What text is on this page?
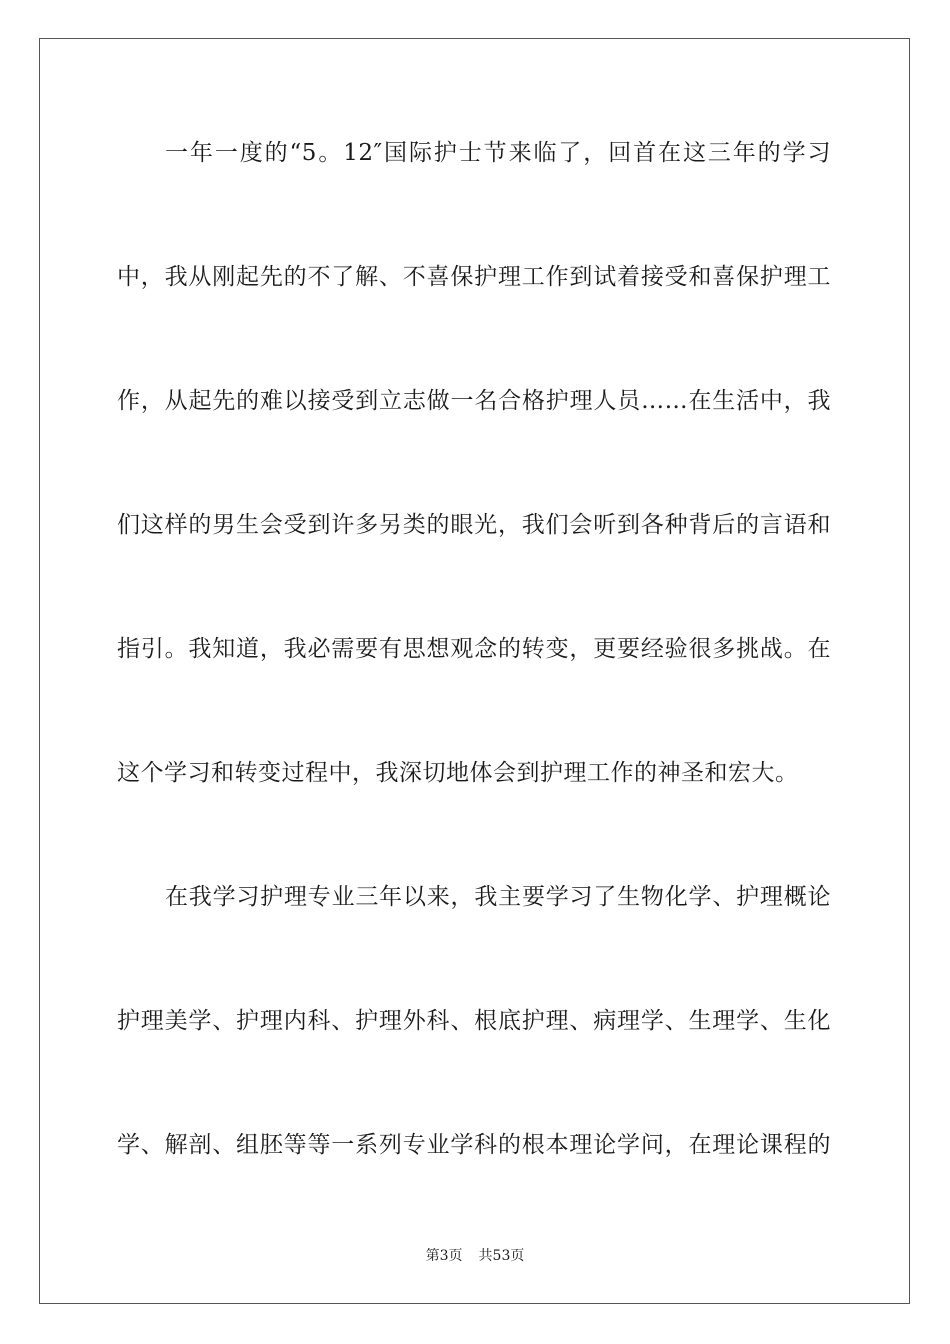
一年一度的“5。12″国际护士节来临了，回首在这三年的学习
中，我从刚起先的不了解、不喜保护理工作到试着接受和喜保护理工
作，从起先的难以接受到立志做一名合格护理人员……在生活中，我
们这样的男生会受到许多另类的眼光，我们会听到各种背后的言语和
指引。我知道，我必需要有思想观念的转变，更要经验很多挑战。在
这个学习和转变过程中，我深切地体会到护理工作的神圣和宏大。
在我学习护理专业三年以来，我主要学习了生物化学、护理概论
护理美学、护理内科、护理外科、根底护理、病理学、生理学、生化
学、解剖、组胚等等一系列专业学科的根本理论学问，在理论课程的
第3页 共53页
